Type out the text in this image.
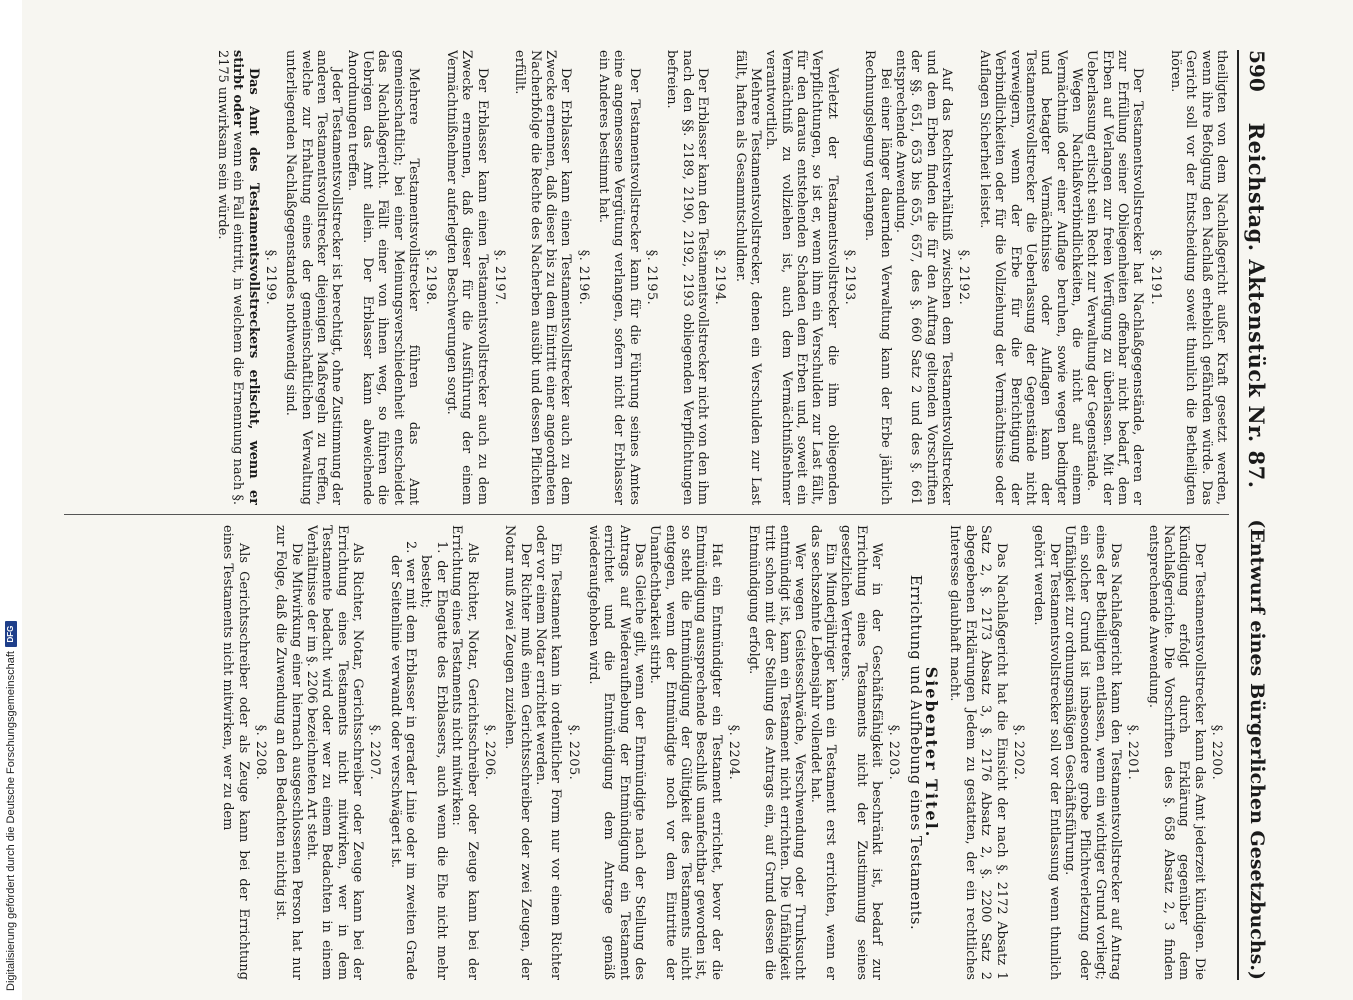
590
Reichstag. Aktenstück Nr. 87.
(Entwurf eines Bürgerlichen Gesetzbuchs.)
theiligten von dem Nachlaßgericht außer Kraft gesetzt werden, wenn ihre Befolgung den Nachlaß erheblich gefährden würde. Das Gericht soll vor der Entscheidung soweit thunlich die Betheiligten hören.
§. 2191.
Der Testamentsvollstrecker hat Nachlaßgegenstände, deren er zur Erfüllung seiner Obliegenheiten offenbar nicht bedarf, dem Erben auf Verlangen zur freien Verfügung zu überlassen. Mit der Ueberlassung erlischt sein Recht zur Verwaltung der Gegenstände.
Wegen Nachlaßverbindlichkeiten, die nicht auf einem Vermächtniß oder einer Auflage beruhen, sowie wegen bedingter und betagter Vermächtnisse oder Auflagen kann der Testamentsvollstrecker die Ueberlassung der Gegenstände nicht verweigern, wenn der Erbe für die Berichtigung der Verbindlichkeiten oder für die Vollziehung der Vermächtnisse oder Auflagen Sicherheit leistet.
§. 2192.
Auf das Rechtsverhältniß zwischen dem Testamentsvollstrecker und dem Erben finden die für den Auftrag geltenden Vorschriften der §§. 651, 653 bis 655, 657, des §. 660 Satz 2 und des §. 661 entsprechende Anwendung.
Bei einer länger dauernden Verwaltung kann der Erbe jährlich Rechnungslegung verlangen.
§. 2193.
Verletzt der Testamentsvollstrecker die ihm obliegenden Verpflichtungen, so ist er, wenn ihm ein Verschulden zur Last fällt, für den daraus entstehenden Schaden dem Erben und, soweit ein Vermächtniß zu vollziehen ist, auch dem Vermächtnißnehmer verantwortlich.
Mehrere Testamentsvollstrecker, denen ein Verschulden zur Last fällt, haften als Gesammtschuldner.
§. 2194.
Der Erblasser kann den Testamentsvollstrecker nicht von den ihm nach den §§. 2189, 2190, 2192, 2193 obliegenden Verpflichtungen befreien.
§. 2195.
Der Testamentsvollstrecker kann für die Führung seines Amtes eine angemessene Vergütung verlangen, sofern nicht der Erblasser ein Anderes bestimmt hat.
§. 2196.
Der Erblasser kann einen Testamentsvollstrecker auch zu dem Zwecke ernennen, daß dieser bis zu dem Eintritt einer angeordneten Nacherbfolge die Rechte des Nacherben ausübt und dessen Pflichten erfüllt.
§. 2197.
Der Erblasser kann einen Testamentsvollstrecker auch zu dem Zwecke ernennen, daß dieser für die Ausführung der einem Vermächtnißnehmer auferlegten Beschwerungen sorgt.
§. 2198.
Mehrere Testamentsvollstrecker führen das Amt gemeinschaftlich; bei einer Meinungsverschiedenheit entscheidet das Nachlaßgericht. Fällt einer von ihnen weg, so führen die Uebrigen das Amt allein. Der Erblasser kann abweichende Anordnungen treffen.
Jeder Testamentsvollstrecker ist berechtigt, ohne Zustimmung der anderen Testamentsvollstrecker diejenigen Maßregeln zu treffen, welche zur Erhaltung eines der gemeinschaftlichen Verwaltung unterliegenden Nachlaßgegenstandes nothwendig sind.
§. 2199.
Das Amt des Testamentsvollstreckers erlischt, wenn er stirbt oder wenn ein Fall eintritt, in welchem die Ernennung nach §. 2175 unwirksam sein würde.
§. 2200.
Der Testamentsvollstrecker kann das Amt jederzeit kündigen. Die Kündigung erfolgt durch Erklärung gegenüber dem Nachlaßgerichte. Die Vorschriften des §. 658 Absatz 2, 3 finden entsprechende Anwendung.
§. 2201.
Das Nachlaßgericht kann den Testamentsvollstrecker auf Antrag eines der Betheiligten entlassen, wenn ein wichtiger Grund vorliegt; ein solcher Grund ist insbesondere grobe Pflichtverletzung oder Unfähigkeit zur ordnungsmäßigen Geschäftsführung.
Der Testamentsvollstrecker soll vor der Entlassung wenn thunlich gehört werden.
§. 2202.
Das Nachlaßgericht hat die Einsicht der nach §. 2172 Absatz 1 Satz 2, §. 2173 Absatz 3, §. 2176 Absatz 2, §. 2200 Satz 2 abgegebenen Erklärungen Jedem zu gestatten, der ein rechtliches Interesse glaubhaft macht.
Siebenter Titel.
Errichtung und Aufhebung eines Testaments.
§. 2203.
Wer in der Geschäftsfähigkeit beschränkt ist, bedarf zur Errichtung eines Testaments nicht der Zustimmung seines gesetzlichen Vertreters.
Ein Minderjähriger kann ein Testament erst errichten, wenn er das sechszehnte Lebensjahr vollendet hat.
Wer wegen Geistesschwäche, Verschwendung oder Trunksucht entmündigt ist, kann ein Testament nicht errichten. Die Unfähigkeit tritt schon mit der Stellung des Antrags ein, auf Grund dessen die Entmündigung erfolgt.
§. 2204.
Hat ein Entmündigter ein Testament errichtet, bevor der die Entmündigung aussprechende Beschluß unanfechtbar geworden ist, so steht die Entmündigung der Gültigkeit des Testaments nicht entgegen, wenn der Entmündigte noch vor dem Eintritte der Unanfechtbarkeit stirbt.
Das Gleiche gilt, wenn der Entmündigte nach der Stellung des Antrags auf Wiederaufhebung der Entmündigung ein Testament errichtet und die Entmündigung dem Antrage gemäß wiederaufgehoben wird.
§. 2205.
Ein Testament kann in ordentlicher Form nur vor einem Richter oder vor einem Notar errichtet werden.
Der Richter muß einen Gerichtsschreiber oder zwei Zeugen, der Notar muß zwei Zeugen zuziehen.
§. 2206.
Als Richter, Notar, Gerichtsschreiber oder Zeuge kann bei der Errichtung eines Testaments nicht mitwirken:
1. der Ehegatte des Erblassers, auch wenn die Ehe nicht mehr besteht;
2. wer mit dem Erblasser in gerader Linie oder im zweiten Grade der Seitenlinie verwandt oder verschwägert ist.
§. 2207.
Als Richter, Notar, Gerichtsschreiber oder Zeuge kann bei der Errichtung eines Testaments nicht mitwirken, wer in dem Testamente bedacht wird oder wer zu einem Bedachten in einem Verhältnisse der im §. 2206 bezeichneten Art steht.
Die Mitwirkung einer hiernach ausgeschlossenen Person hat nur zur Folge, daß die Zuwendung an den Bedachten nichtig ist.
§. 2208.
Als Gerichtsschreiber oder als Zeuge kann bei der Errichtung eines Testaments nicht mitwirken, wer zu dem
Digitalisierung gefördert durch die Deutsche Forschungsgemeinschaft
DFG
